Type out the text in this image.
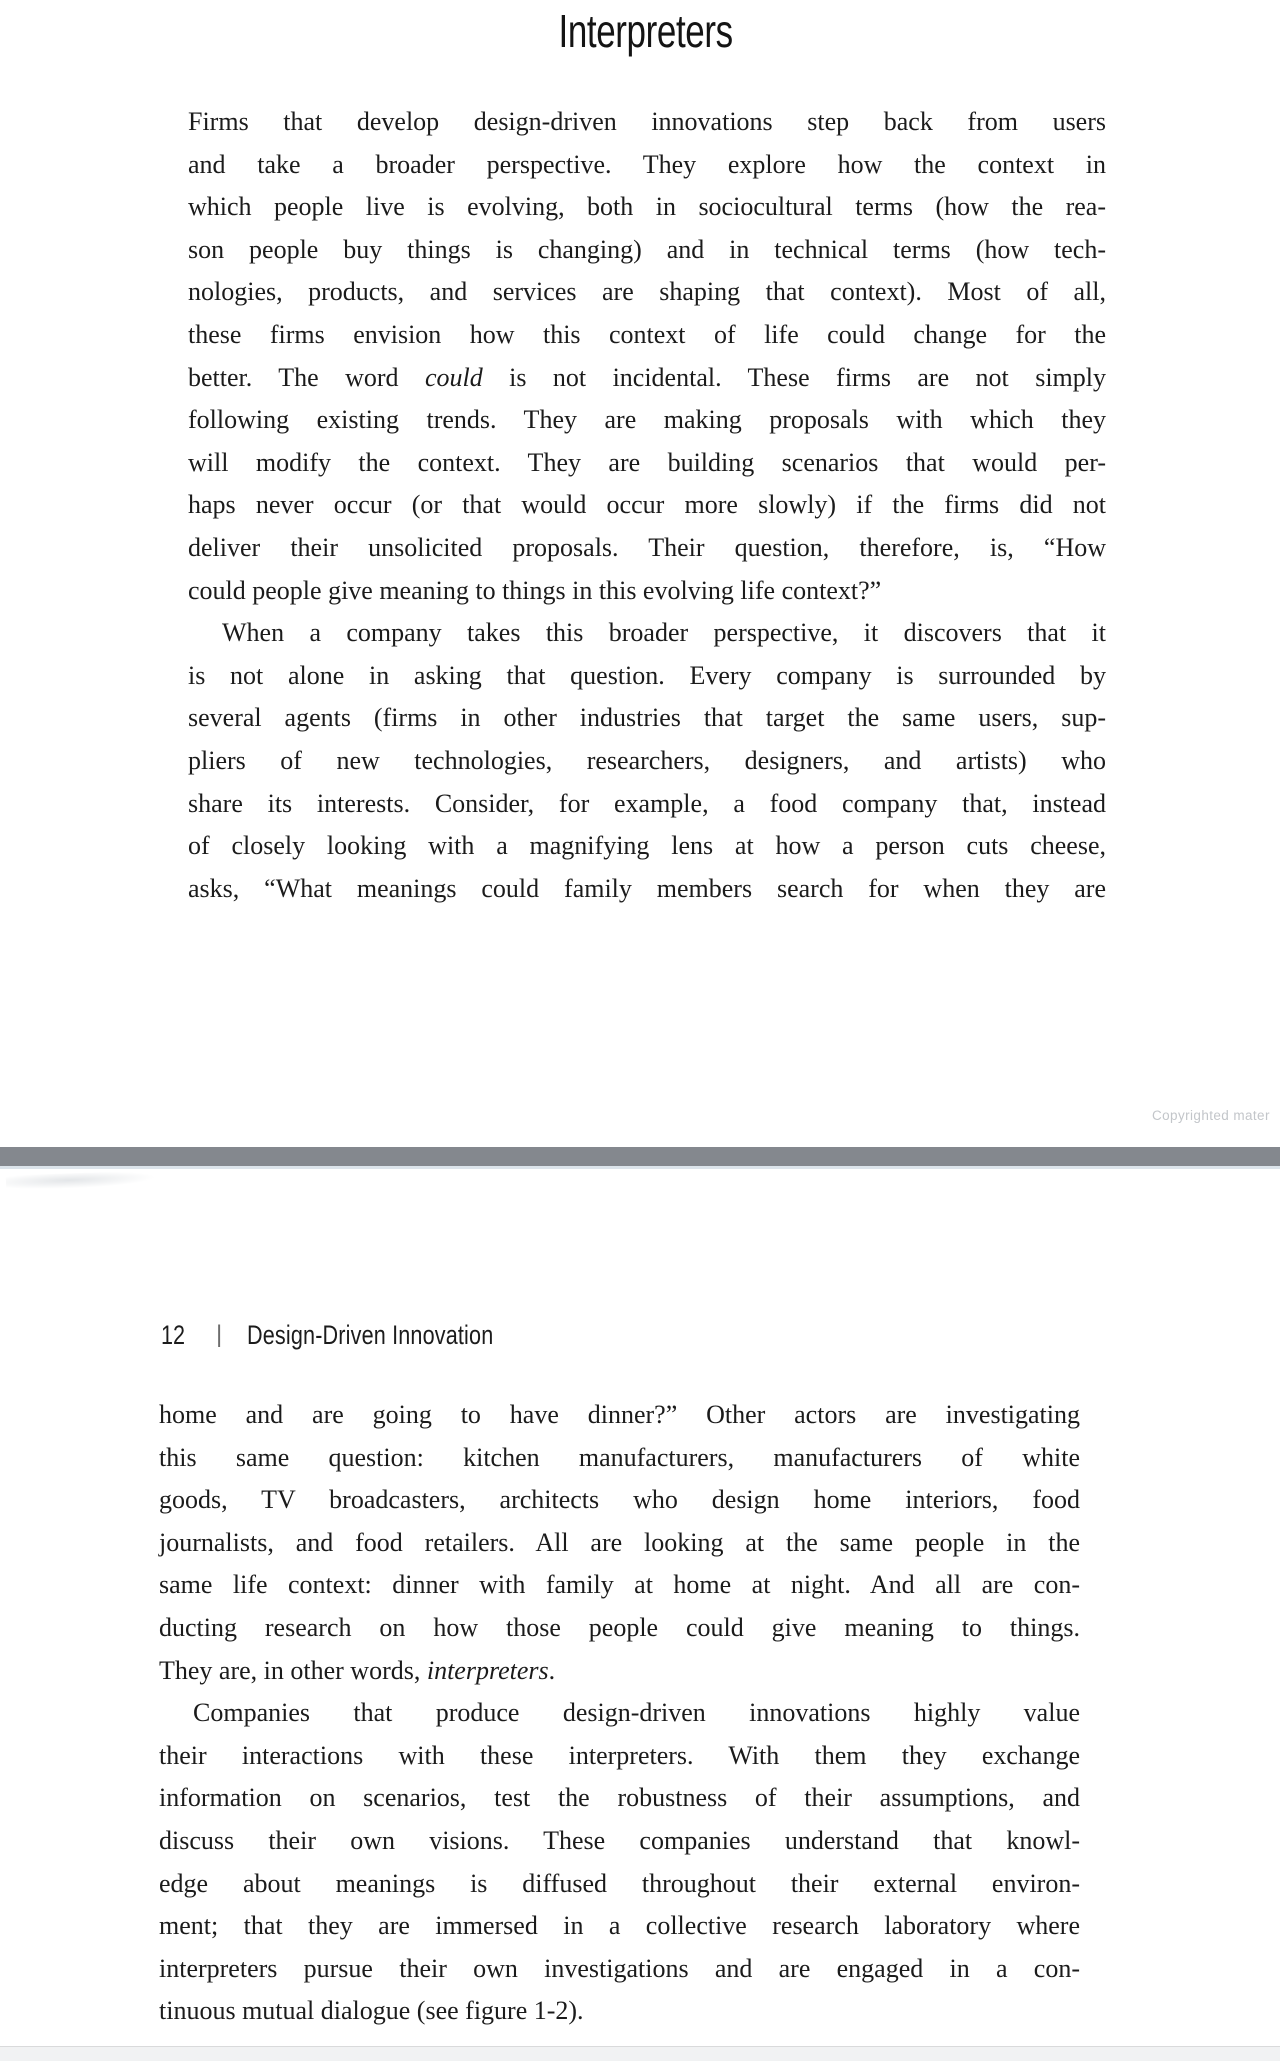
Interpreters
Firms that develop design-driven innovations step back from users
and take a broader perspective. They explore how the context in
which people live is evolving, both in sociocultural terms (how the rea-
son people buy things is changing) and in technical terms (how tech-
nologies, products, and services are shaping that context). Most of all,
these firms envision how this context of life could change for the
better. The word could is not incidental. These firms are not simply
following existing trends. They are making proposals with which they
will modify the context. They are building scenarios that would per-
haps never occur (or that would occur more slowly) if the firms did not
deliver their unsolicited proposals. Their question, therefore, is, “How
could people give meaning to things in this evolving life context?”
When a company takes this broader perspective, it discovers that it
is not alone in asking that question. Every company is surrounded by
several agents (firms in other industries that target the same users, sup-
pliers of new technologies, researchers, designers, and artists) who
share its interests. Consider, for example, a food company that, instead
of closely looking with a magnifying lens at how a person cuts cheese,
asks, “What meanings could family members search for when they are
Copyrighted mater
12 | Design-Driven Innovation
home and are going to have dinner?” Other actors are investigating
this same question: kitchen manufacturers, manufacturers of white
goods, TV broadcasters, architects who design home interiors, food
journalists, and food retailers. All are looking at the same people in the
same life context: dinner with family at home at night. And all are con-
ducting research on how those people could give meaning to things.
They are, in other words, interpreters.
Companies that produce design-driven innovations highly value
their interactions with these interpreters. With them they exchange
information on scenarios, test the robustness of their assumptions, and
discuss their own visions. These companies understand that knowl-
edge about meanings is diffused throughout their external environ-
ment; that they are immersed in a collective research laboratory where
interpreters pursue their own investigations and are engaged in a con-
tinuous mutual dialogue (see figure 1-2).
